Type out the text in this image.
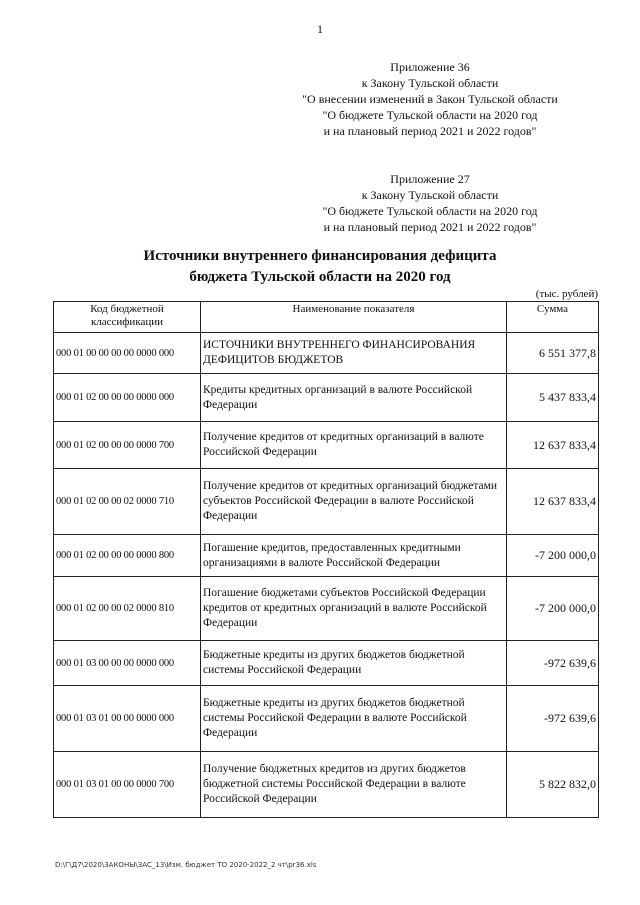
1
Приложение 36
к Закону Тульской области
"О внесении изменений в Закон Тульской области
"О бюджете Тульской области на 2020 год
и на плановый период 2021 и 2022 годов"
Приложение 27
к Закону Тульской области
"О бюджете Тульской области на 2020 год
и на плановый период 2021 и 2022 годов"
Источники внутреннего финансирования дефицита
бюджета Тульской области на 2020 год
(тыс. рублей)
Код бюджетной классификации	Наименование показателя	Сумма
000 01 00 00 00 00 0000 000	ИСТОЧНИКИ ВНУТРЕННЕГО ФИНАНСИРОВАНИЯ ДЕФИЦИТОВ БЮДЖЕТОВ	6 551 377,8
000 01 02 00 00 00 0000 000	Кредиты кредитных организаций в валюте Российской Федерации	5 437 833,4
000 01 02 00 00 00 0000 700	Получение кредитов от кредитных организаций в валюте Российской Федерации	12 637 833,4
000 01 02 00 00 02 0000 710	Получение кредитов от кредитных организаций бюджетами субъектов Российской Федерации в валюте Российской Федерации	12 637 833,4
000 01 02 00 00 00 0000 800	Погашение кредитов, предоставленных кредитными организациями в валюте Российской Федерации	-7 200 000,0
000 01 02 00 00 02 0000 810	Погашение бюджетами субъектов Российской Федерации кредитов от кредитных организаций в валюте Российской Федерации	-7 200 000,0
000 01 03 00 00 00 0000 000	Бюджетные кредиты из других бюджетов бюджетной системы Российской Федерации	-972 639,6
000 01 03 01 00 00 0000 000	Бюджетные кредиты из других бюджетов бюджетной системы Российской Федерации в валюте Российской Федерации	-972 639,6
000 01 03 01 00 00 0000 700	Получение бюджетных кредитов из других бюджетов бюджетной системы Российской Федерации в валюте Российской Федерации	5 822 832,0
D:\Г\Д7\2020\ЗАКОНЫ\ЗАС_13\Изм. бюджет ТО 2020-2022_2 чт\pr36.xls
